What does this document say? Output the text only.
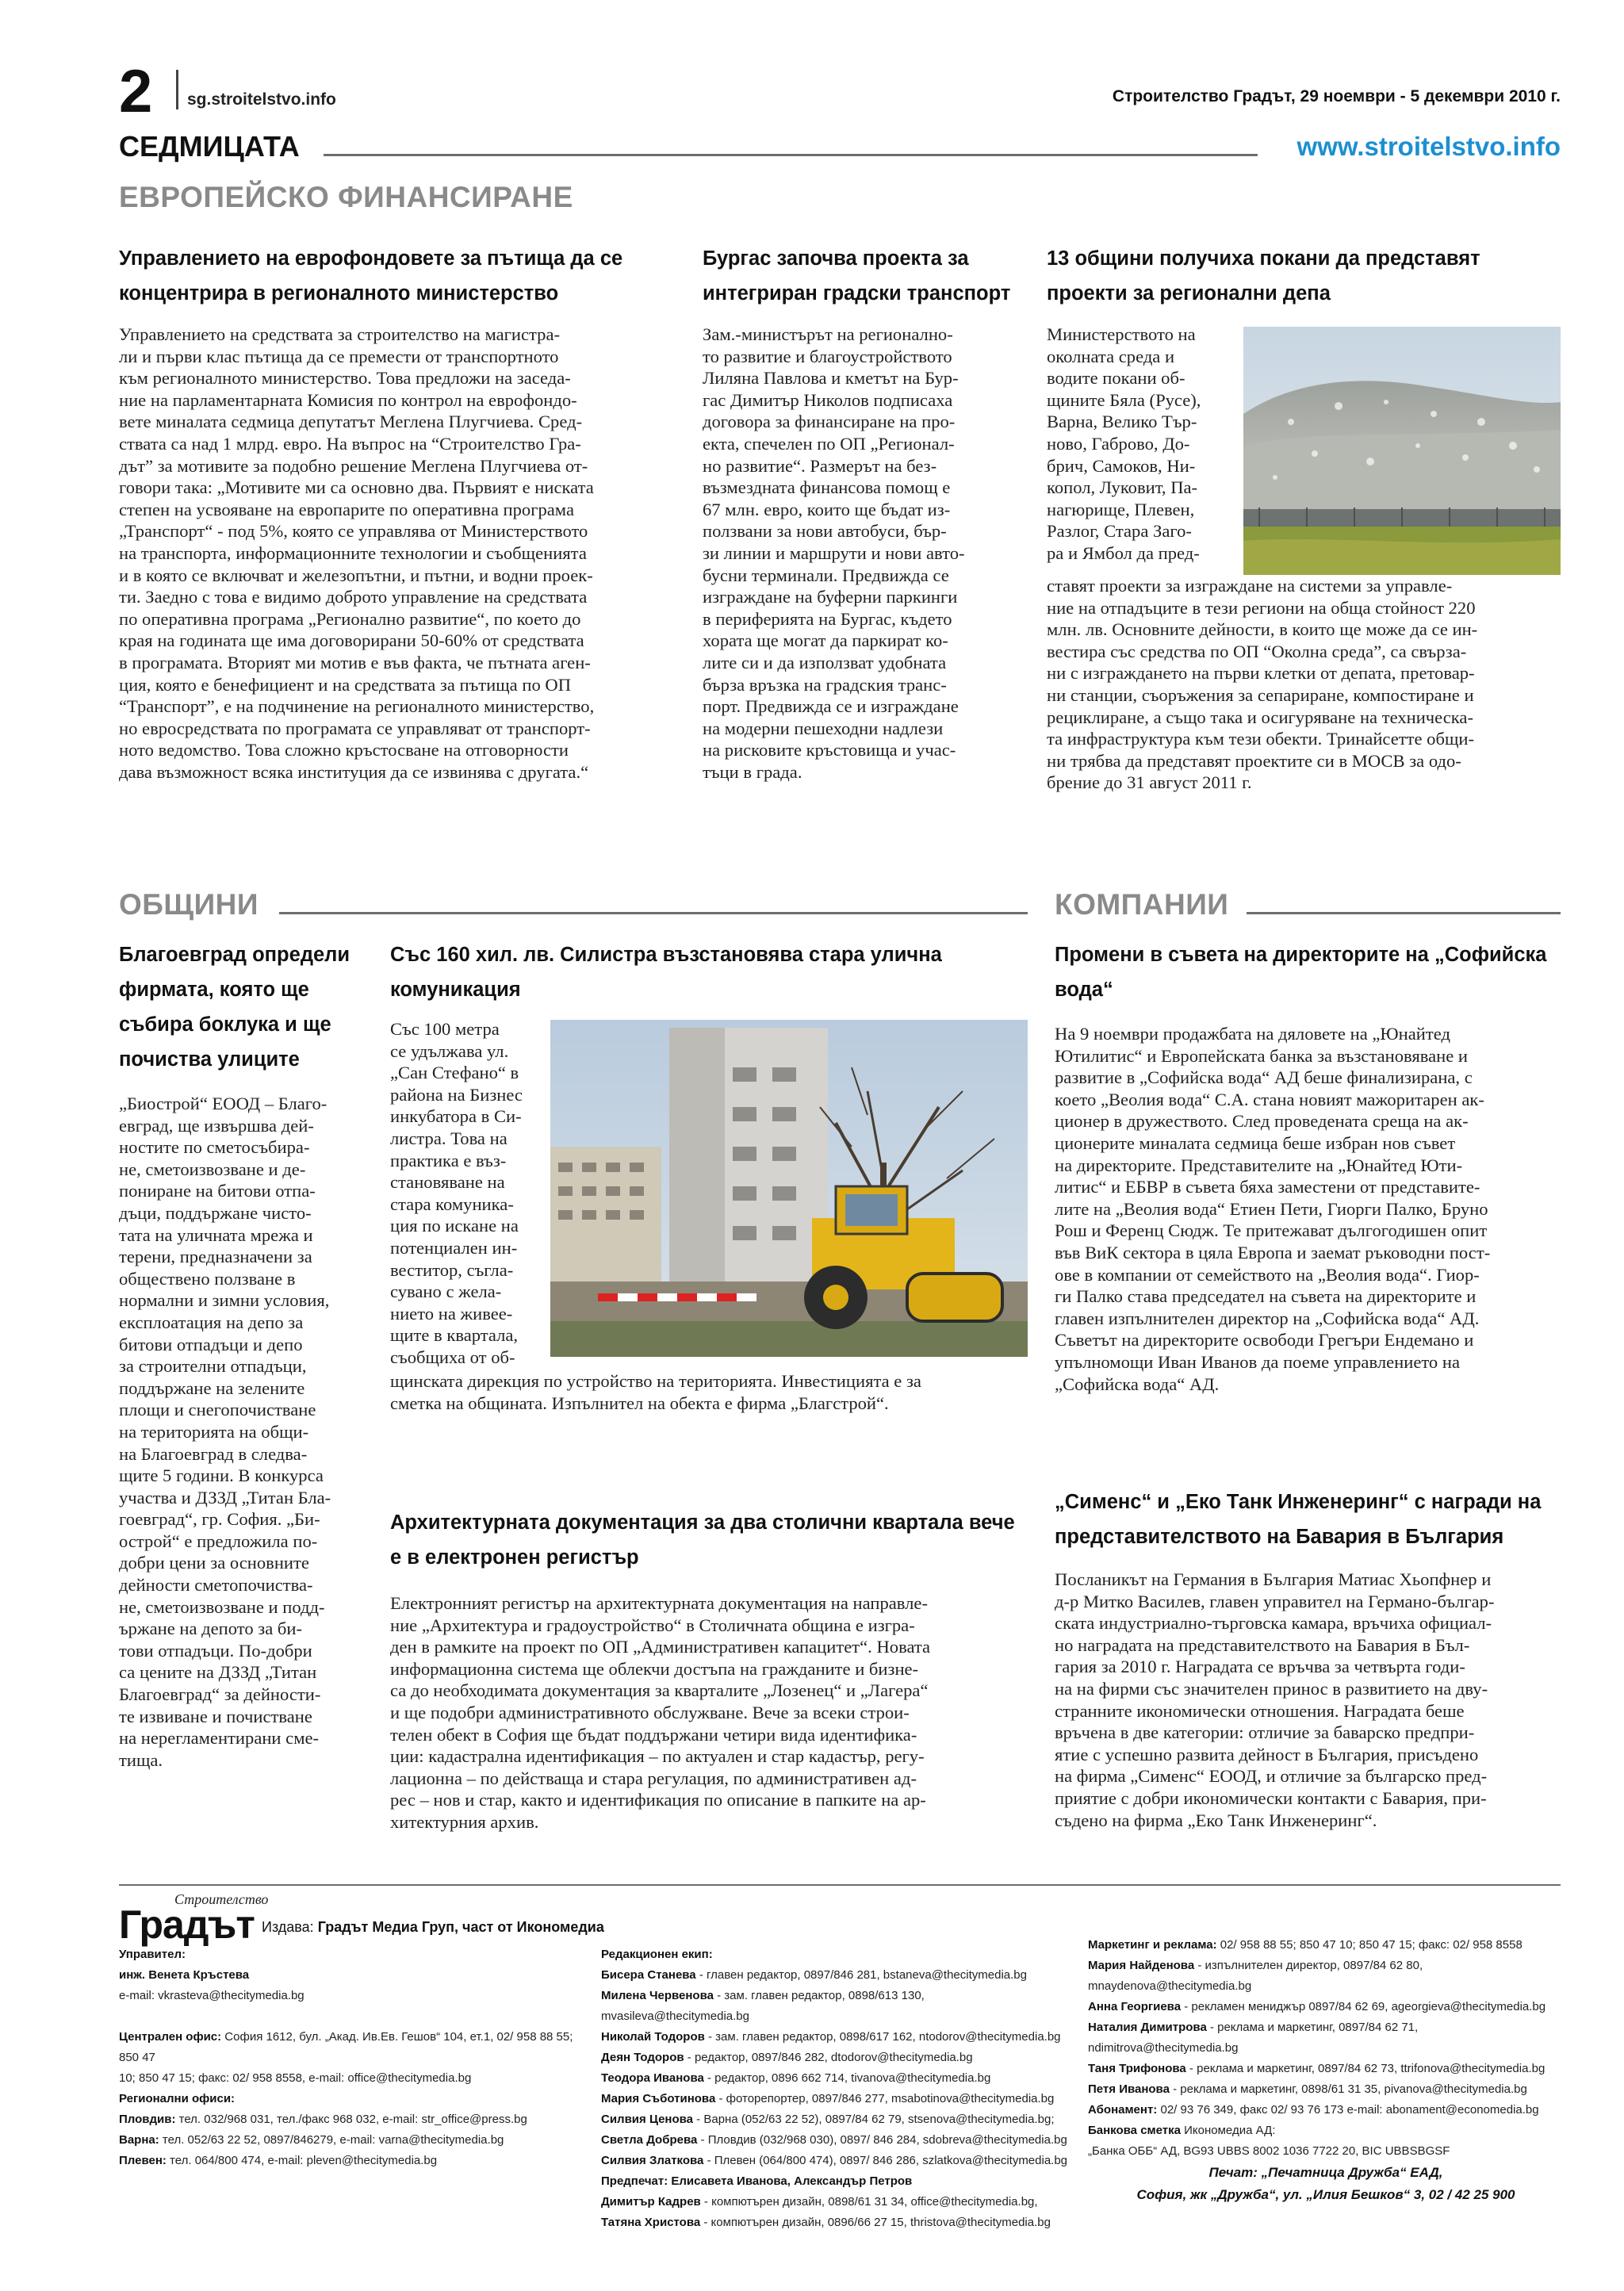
2 sg.stroitelstvo.info	Строителство Градът, 29 ноември - 5 декември 2010 г.
СЕДМИЦАТА	www.stroitelstvo.info
ЕВРОПЕЙСКО ФИНАНСИРАНЕ
Управлението на еврофондовете за пътища да се
концентрира в регионалното министерство

Управлението на средствата за строителство на магистра-

ли и първи клас пътища да се премести от транспортното

към регионалното министерство. Това предложи на заседа-

ние на парламентарната Комисия по контрол на еврофондо-

вете миналата седмица депутатът Меглена Плугчиева. Сред-

ствата са над 1 млрд. евро. На въпрос на “Строителство Гра-

дът” за мотивите за подобно решение Меглена Плугчиева от-

говори така: „Мотивите ми са основно два. Първият е ниската

степен на усвояване на европарите по оперативна програма

„Транспорт“ - под 5%, която се управлява от Министерството

на транспорта, информационните технологии и съобщенията

и в която се включват и железопътни, и пътни, и водни проек-

ти. Заедно с това е видимо доброто управление на средствата

по оперативна програма „Регионално развитие“, по което до

края на годината ще има договорирани 50-60% от средствата

в програмата. Вторият ми мотив е във факта, че пътната аген-

ция, която е бенефициент и на средствата за пътища по ОП

“Транспорт”, е на подчинение на регионалното министерство,

но евросредствата по програмата се управляват от транспорт-

ното ведомство. Това сложно кръстосване на отговорности

дава възможност всяка институция да се извинява с другата.“

Бургас започва проекта за
интегриран градски транспорт

Зам.-министърът на регионално-

то развитие и благоустройството

Лиляна Павлова и кметът на Бур-

гас Димитър Николов подписаха

договора за финансиране на про-

екта, спечелен по ОП „Регионал-

но развитие“. Размерът на без-

възмездната финансова помощ е

67 млн. евро, които ще бъдат из-

ползвани за нови автобуси, бър-

зи линии и маршрути и нови авто-

бусни терминали. Предвижда се

изграждане на буферни паркинги

в периферията на Бургас, където

хората ще могат да паркират ко-

лите си и да използват удобната

бърза връзка на градския транс-

порт. Предвижда се и изграждане

на модерни пешеходни надлези

на рисковите кръстовища и учас-

тъци в града.

13 общини получиха покани да представят
проекти за регионални депа

Министерството на

околната среда и

водите покани об-

щините Бяла (Русе),

Варна, Велико Тър-

ново, Габрово, До-

брич, Самоков, Ни-

копол, Луковит, Па-

нагюрище, Плевен,

Разлог, Стара Заго-

ра и Ямбол да пред-

ставят проекти за изграждане на системи за управле-

ние на отпадъците в тези региони на обща стойност 220

млн. лв. Основните дейности, в които ще може да се ин-

вестира със средства по ОП “Околна среда”, са свързa-

ни с изграждането на първи клетки от депата, претовар-

ни станции, съоръжения за сепариране, компостиране и

рециклиране, а също така и осигуряване на техническа-

та инфраструктура към тези обекти. Тринайсетте общи-

ни трябва да представят проектите си в МОСВ за одо-

брение до 31 август 2011 г.

ОБЩИНИ	КОМПАНИИ
Благоевград определи
фирмата, която ще
събира боклука и ще
почиства улиците

„Биострой“ ЕООД – Благо-

евград, ще извършва дей-

ностите по сметосъбира-

не, сметоизвозване и де-

пониране на битови отпа-

дъци, поддържане чисто-

тата на уличната мрежа и

терени, предназначени за

обществено ползване в

нормални и зимни условия,

експлоатация на депо за

битови отпадъци и депо

за строителни отпадъци,

поддържане на зелените

площи и снегопочистване

на територията на общи-

на Благоевград в следва-

щите 5 години. В конкурса

участва и ДЗЗД „Титан Бла-

гоевград“, гр. София. „Би-

острой“ е предложила по-

добри цени за основните

дейности сметопочиства-

не, сметоизвозване и подд-

ържане на депото за би-

тови отпадъци. По-добри

са цените на ДЗЗД „Титан

Благоевград“ за дейности-

те извиване и почистване

на нерегламентирани сме-

тища.

Със 160 хил. лв. Силистра възстановява стара улична
комуникация

Със 100 метра

се удължава ул.

„Сан Стефано“ в

района на Бизнес

инкубатора в Си-

листра. Това на

практика е въз-

становяване на

стара комуника-

ция по искане на

потенциален ин-

веститор, съгла-

сувано с жела-

нието на живее-

щите в квартала,

съобщиха от об-

щинската дирекция по устройство на територията. Инвестицията е за

сметка на общината. Изпълнител на обекта е фирма „Благстрой“.

Архитектурната документация за два столични квартала вече
е в електронен регистър

Електронният регистър на архитектурната документация на направле-

ние „Архитектура и градоустройство“ в Столичната община е изгра-

ден в рамките на проект по ОП „Административен капацитет“. Новата

информационна система ще облекчи достъпа на гражданите и бизне-

са до необходимата документация за кварталите „Лозенец“ и „Лагера“

и ще подобри административното обслужване. Вече за всеки строи-

телен обект в София ще бъдат поддържани четири вида идентифика-

ции: кадастрална идентификация – по актуален и стар кадастър, регу-

лационна – по действаща и стара регулация, по административен ад-

рес – нов и стар, както и идентификация по описание в папките на ар-

хитектурния архив.

Промени в съвета на директорите на „Софийска
вода“

На 9 ноември продажбата на дяловете на „Юнайтед

Ютилитис“ и Европейската банка за възстановяване и

развитие в „Софийска вода“ АД беше финализирана, с

което „Веолия вода“ С.А. стана новият мажоритарен ак-

ционер в дружеството. След проведената среща на ак-

ционерите миналата седмица беше избран нов съвет

на директорите. Представителите на „Юнайтед Юти-

литис“ и ЕБВР в съвета бяха заместени от представите-

лите на „Веолия вода“ Етиен Пети, Гиорги Палко, Бруно

Рош и Ференц Сюдж. Те притежават дългогодишен опит

във ВиК сектора в цяла Европа и заемат ръководни пост-

ове в компании от семейството на „Веолия вода“. Гиор-

ги Палко става председател на съвета на директорите и

главен изпълнителен директор на „Софийска вода“ АД.

Съветът на директорите освободи Грегъри Ендемано и

упълномощи Иван Иванов да поеме управлението на

„Софийска вода“ АД.

„Сименс“ и „Еко Танк Инженеринг“ с награди на
представителството на Бавария в България

Посланикът на Германия в България Матиас Хьопфнер и

д-р Митко Василев, главен управител на Германо-българ-

ската индустриално-търговска камара, връчиха официал-

но наградата на представителството на Бавария в Бъл-

гария за 2010 г. Наградата се връчва за четвърта годи-

на на фирми със значителен принос в развитието на дву-

странните икономически отношения. Наградата беше

връчена в две категории: отличие за баварско предпри-

ятие с успешно развита дейност в България, присъдено

на фирма „Сименс“ ЕООД, и отличие за българско пред-

приятие с добри икономически контакти с Бавария, при-

съдено на фирма „Еко Танк Инженеринг“.

Строителство
Градът Издава: Градът Медиа Груп, част от Икономедиа
Управител:
инж. Венета Кръстева
e-mail: vkrasteva@thecitymedia.bg
Централен офис: София 1612, бул. „Акад. Ив.Ев. Гешов“ 104, ет.1, 02/ 958 88 55; 850 47
10; 850 47 15; факс: 02/ 958 8558, e-mail: office@thecitymedia.bg
Регионални офиси:
Пловдив: тел. 032/968 031, тел./факс 968 032, e-mail: str_office@press.bg
Варна: тел. 052/63 22 52, 0897/846279, e-mail: varna@thecitymedia.bg
Плевен: тел. 064/800 474, e-mail: pleven@thecitymedia.bg
Редакционен екип:
Бисера Станева - главен редактор, 0897/846 281, bstaneva@thecitymedia.bg
Милена Червенова - зам. главен редактор, 0898/613 130, mvasileva@thecitymedia.bg
Николай Тодоров - зам. главен редактор, 0898/617 162, ntodorov@thecitymedia.bg
Деян Тодоров - редактор, 0897/846 282, dtodorov@thecitymedia.bg
Теодора Иванова - редактор, 0896 662 714, tivanova@thecitymedia.bg
Мария Съботинова - фоторепортер, 0897/846 277, msabotinova@thecitymedia.bg
Силвия Ценова - Варна (052/63 22 52), 0897/84 62 79, stsenova@thecitymedia.bg;
Светла Добрева - Пловдив (032/968 030), 0897/ 846 284, sdobreva@thecitymedia.bg
Силвия Златкова - Плевен (064/800 474), 0897/ 846 286, szlatkova@thecitymedia.bg
Предпечат: Елисавета Иванова, Александър Петров
Димитър Кадрев - компютърен дизайн, 0898/61 31 34, office@thecitymedia.bg,
Татяна Христова - компютърен дизайн, 0896/66 27 15, thristova@thecitymedia.bg
Маркетинг и реклама: 02/ 958 88 55; 850 47 10; 850 47 15; факс: 02/ 958 8558
Мария Найденова - изпълнителен директор, 0897/84 62 80, mnaydenova@thecitymedia.bg
Анна Георгиева - рекламен мениджър 0897/84 62 69, ageorgieva@thecitymedia.bg
Наталия Димитрова - реклама и маркетинг, 0897/84 62 71, ndimitrova@thecitymedia.bg
Таня Трифонова - реклама и маркетинг, 0897/84 62 73, ttrifonova@thecitymedia.bg
Петя Иванова - реклама и маркетинг, 0898/61 31 35, pivanova@thecitymedia.bg
Абонамент: 02/ 93 76 349, факс 02/ 93 76 173 e-mail: abonament@economedia.bg
Банкова сметка Икономедиа АД:
„Банка ОББ“ АД, BG93 UBBS 8002 1036 7722 20, BIC UBBSBGSF
Печат: „Печатница Дружба“ ЕАД,
София, жк „Дружба“, ул. „Илия Бешков“ 3, 02 / 42 25 900
